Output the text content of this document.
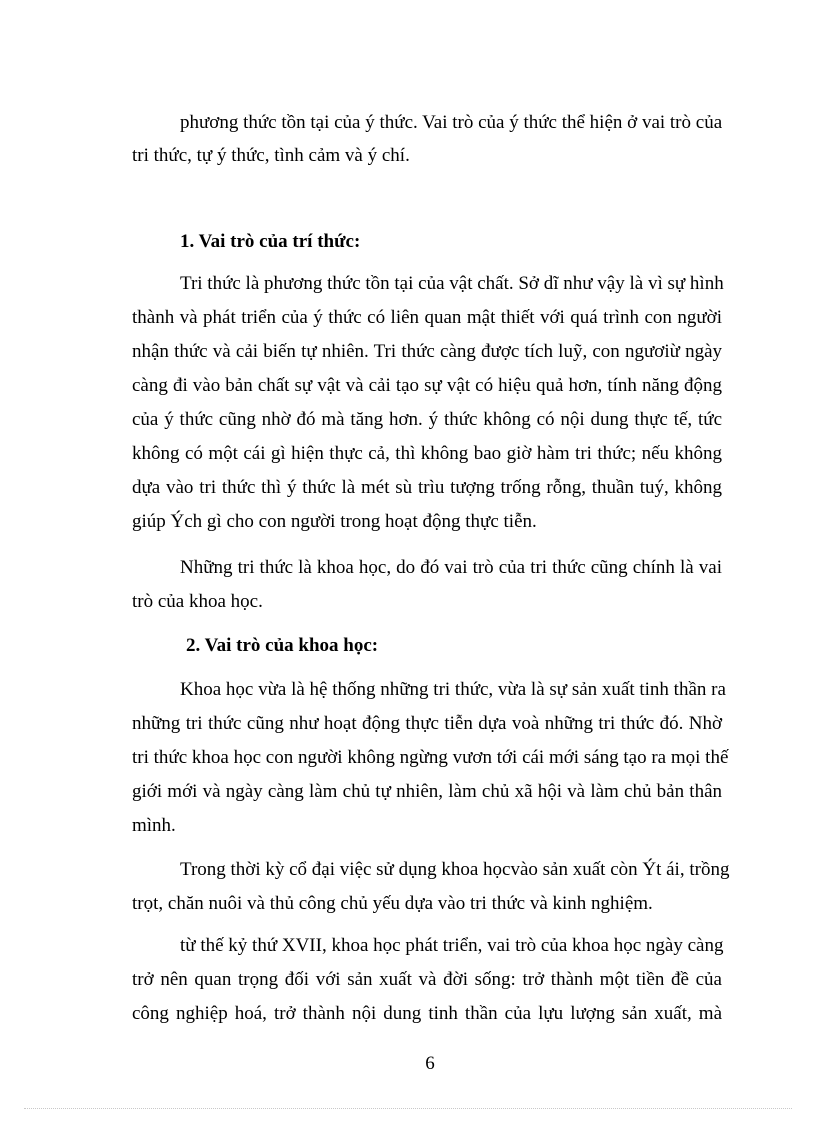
phương thức tồn tại của ý thức. Vai trò của ý thức thể hiện ở vai trò của
tri thức, tự ý thức, tình cảm và ý chí.
1. Vai trò của trí thức:
Tri thức là phương thức tồn tại của vật chất. Sở dĩ như vậy là vì sự hình
thành và phát triển của ý thức có liên quan mật thiết với quá trình con người
nhận thức và cải biến tự nhiên. Tri thức càng được tích luỹ, con ngươiừ ngày
càng đi vào bản chất sự vật và cải tạo sự vật có hiệu quả hơn, tính năng động
của ý thức cũng nhờ đó mà tăng hơn. ý thức không có nội dung thực tế, tức
không có một cái gì hiện thực cả, thì không bao giờ hàm tri thức; nếu không
dựa vào tri thức thì ý thức là mét sù trìu tượng trống rỗng, thuần tuý, không
giúp Ých gì cho con người trong hoạt động thực tiễn.
Những tri thức là khoa học, do đó vai trò của tri thức cũng chính là vai
trò của khoa học.
2. Vai trò của khoa học:
Khoa học vừa là hệ thống những tri thức, vừa là sự sản xuất tinh thần ra
những tri thức cũng như hoạt động thực tiễn dựa voà những tri thức đó. Nhờ
tri thức khoa học con người không ngừng vươn tới cái mới sáng tạo ra mọi thế
giới mới và ngày càng làm chủ tự nhiên, làm chủ xã hội và làm chủ bản thân
mình.
Trong thời kỳ cổ đại việc sử dụng khoa họcvào sản xuất còn Ýt ái, trồng
trọt, chăn nuôi và thủ công chủ yếu dựa vào tri thức và kinh nghiệm.
từ thế kỷ thứ XVII, khoa học phát triển, vai trò của khoa học ngày càng
trở nên quan trọng đối với sản xuất và đời sống: trở thành một tiền đề của
công nghiệp hoá, trở thành nội dung tinh thần của lựu lượng sản xuất, mà
6
